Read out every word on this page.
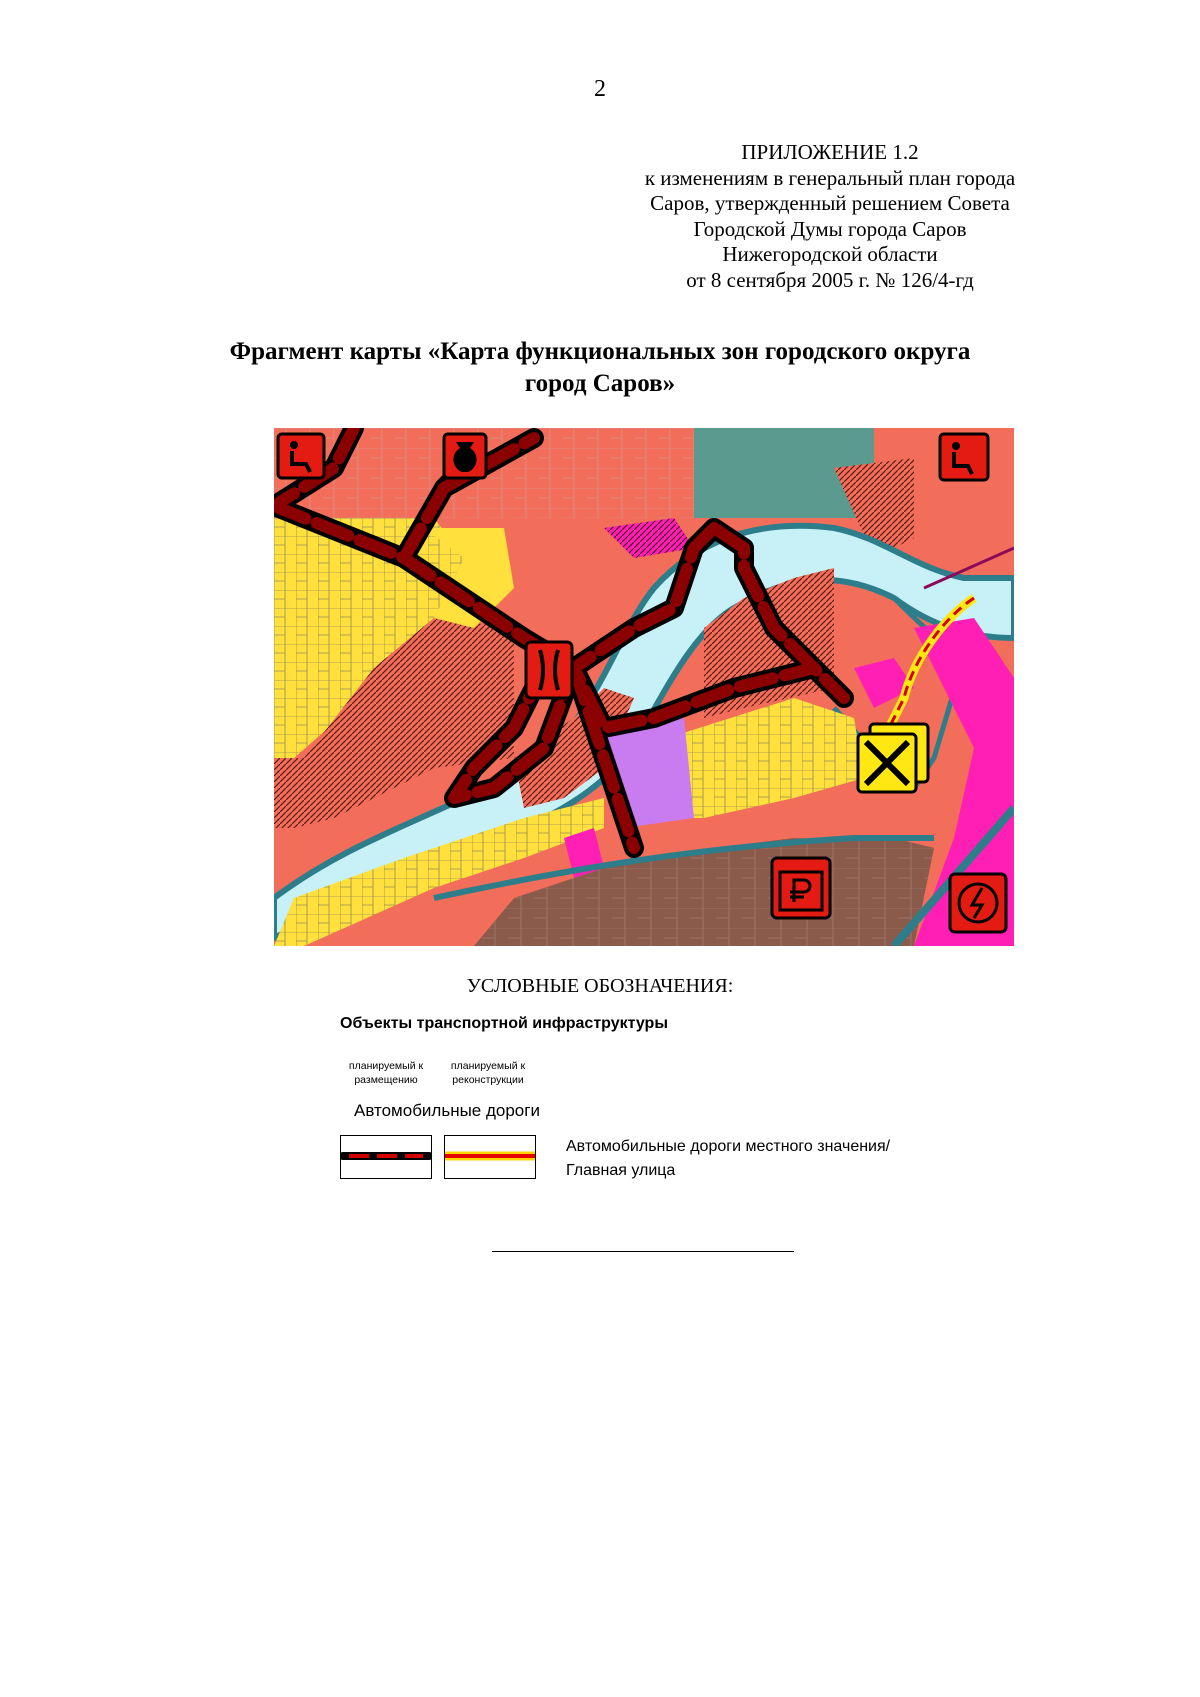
2
ПРИЛОЖЕНИЕ 1.2
к изменениям в генеральный план города
Саров, утвержденный решением Совета
Городской Думы города Саров
Нижегородской области
от 8 сентября 2005 г. № 126/4-гд
Фрагмент карты «Карта функциональных зон городского округа
город Саров»
УСЛОВНЫЕ ОБОЗНАЧЕНИЯ:
Объекты транспортной инфраструктуры
планируемый к
размещению
планируемый к
реконструкции
Автомобильные дороги
Автомобильные дороги местного значения/
Главная улица
